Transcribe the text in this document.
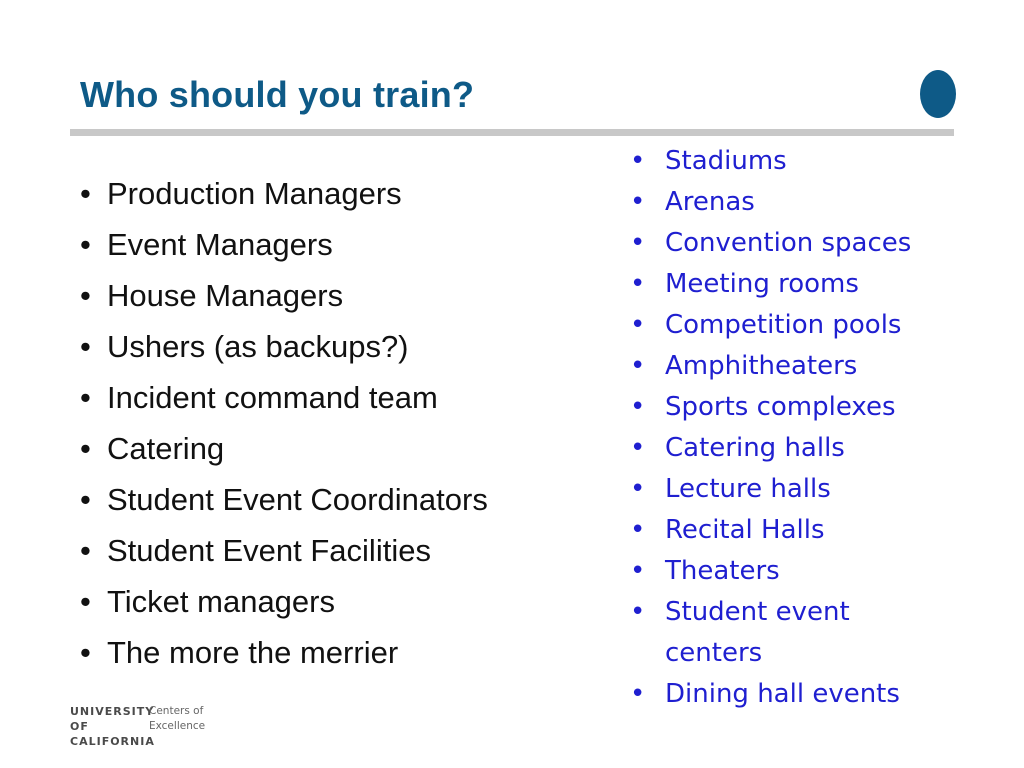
Who should you train?
• Production Managers
• Event Managers
• House Managers
• Ushers (as backups?)
• Incident command team
• Catering
• Student Event Coordinators
• Student Event Facilities
• Ticket managers
• The more the merrier
• Stadiums
• Arenas
• Convention spaces
• Meeting rooms
• Competition pools
• Amphitheaters
• Sports complexes
• Catering halls
• Lecture halls
• Recital Halls
• Theaters
• Student event
centers
• Dining hall events
UNIVERSITY
OF
CALIFORNIA
Centers of
Excellence
